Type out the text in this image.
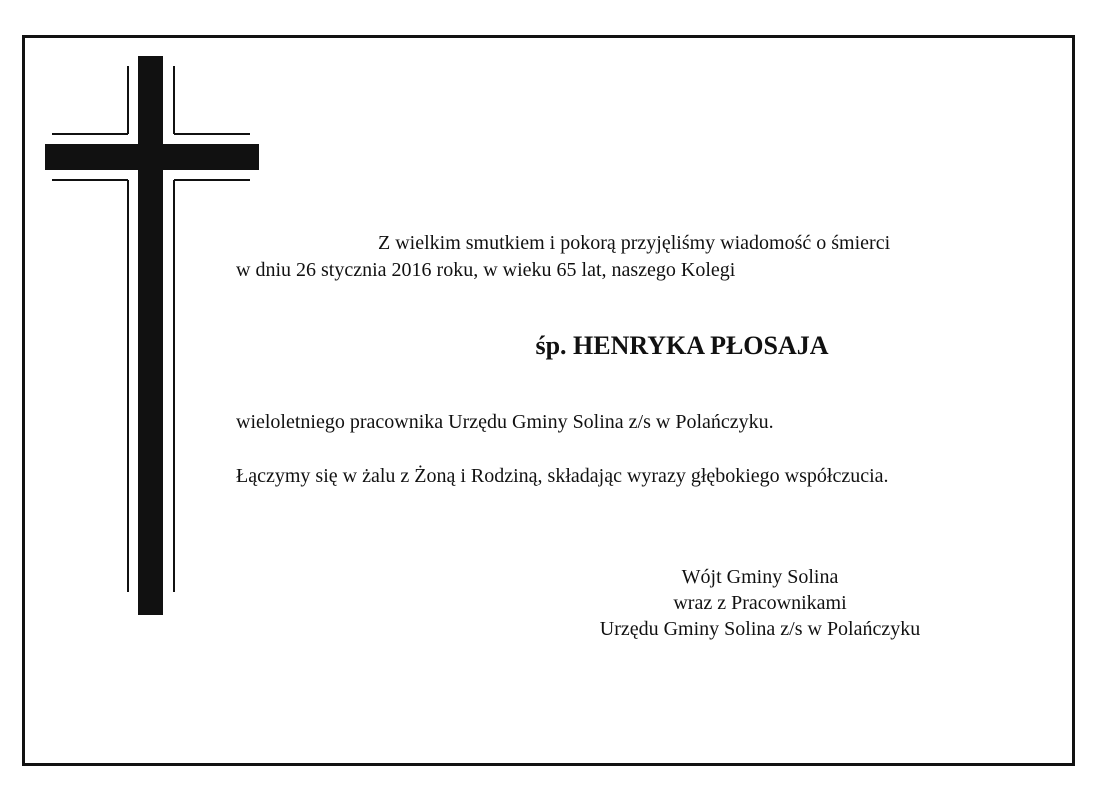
Z wielkim smutkiem i pokorą przyjęliśmy wiadomość o śmierci
w dniu 26 stycznia 2016 roku, w wieku 65 lat, naszego Kolegi
śp. HENRYKA PŁOSAJA
wieloletniego pracownika Urzędu Gminy Solina z/s w Polańczyku.
Łączymy się w żalu z Żoną i Rodziną, składając wyrazy głębokiego współczucia.
Wójt Gminy Solina
wraz z Pracownikami
Urzędu Gminy Solina z/s w Polańczyku
